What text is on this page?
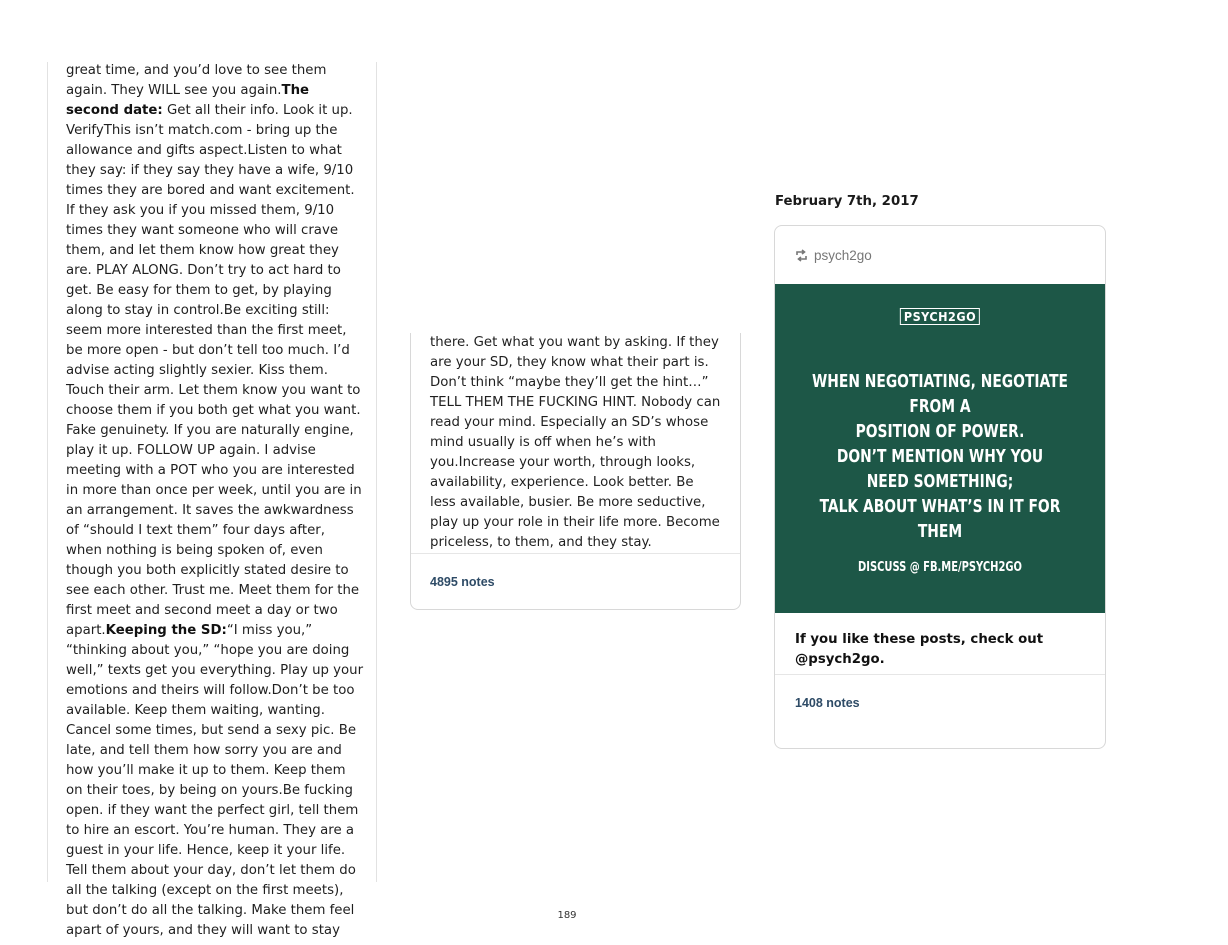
great time, and you’d love to see them again. They WILL see you again.The second date: Get all their info. Look it up. VerifyThis isn’t match.com - bring up the allowance and gifts aspect.Listen to what they say: if they say they have a wife, 9/10 times they are bored and want excitement. If they ask you if you missed them, 9/10 times they want someone who will crave them, and let them know how great they are. PLAY ALONG. Don’t try to act hard to get. Be easy for them to get, by playing along to stay in control.Be exciting still: seem more interested than the first meet, be more open - but don’t tell too much. I’d advise acting slightly sexier. Kiss them. Touch their arm. Let them know you want to choose them if you both get what you want. Fake genuinety. If you are naturally engine, play it up. FOLLOW UP again. I advise meeting with a POT who you are interested in more than once per week, until you are in an arrangement. It saves the awkwardness of “should I text them” four days after, when nothing is being spoken of, even though you both explicitly stated desire to see each other. Trust me. Meet them for the first meet and second meet a day or two apart.Keeping the SD:“I miss you,” “thinking about you,” “hope you are doing well,” texts get you everything. Play up your emotions and theirs will follow.Don’t be too available. Keep them waiting, wanting. Cancel some times, but send a sexy pic. Be late, and tell them how sorry you are and how you’ll make it up to them. Keep them on their toes, by being on yours.Be fucking open. if they want the perfect girl, tell them to hire an escort. You’re human. They are a guest in your life. Hence, keep it your life. Tell them about your day, don’t let them do all the talking (except on the first meets), but don’t do all the talking. Make them feel apart of yours, and they will want to stay
there. Get what you want by asking. If they are your SD, they know what their part is. Don’t think “maybe they’ll get the hint…” TELL THEM THE FUCKING HINT. Nobody can read your mind. Especially an SD’s whose mind usually is off when he’s with you.Increase your worth, through looks, availability, experience. Look better. Be less available, busier. Be more seductive, play up your role in their life more. Become priceless, to them, and they stay.
4895 notes
February 7th, 2017
psych2go
PSYCH2GO
WHEN NEGOTIATING, NEGOTIATE FROM A
POSITION OF POWER.
DON’T MENTION WHY YOU
NEED SOMETHING;
TALK ABOUT WHAT’S IN IT FOR THEM
DISCUSS @ FB.ME/PSYCH2GO
If you like these posts, check out @psych2go.
1408 notes
189
